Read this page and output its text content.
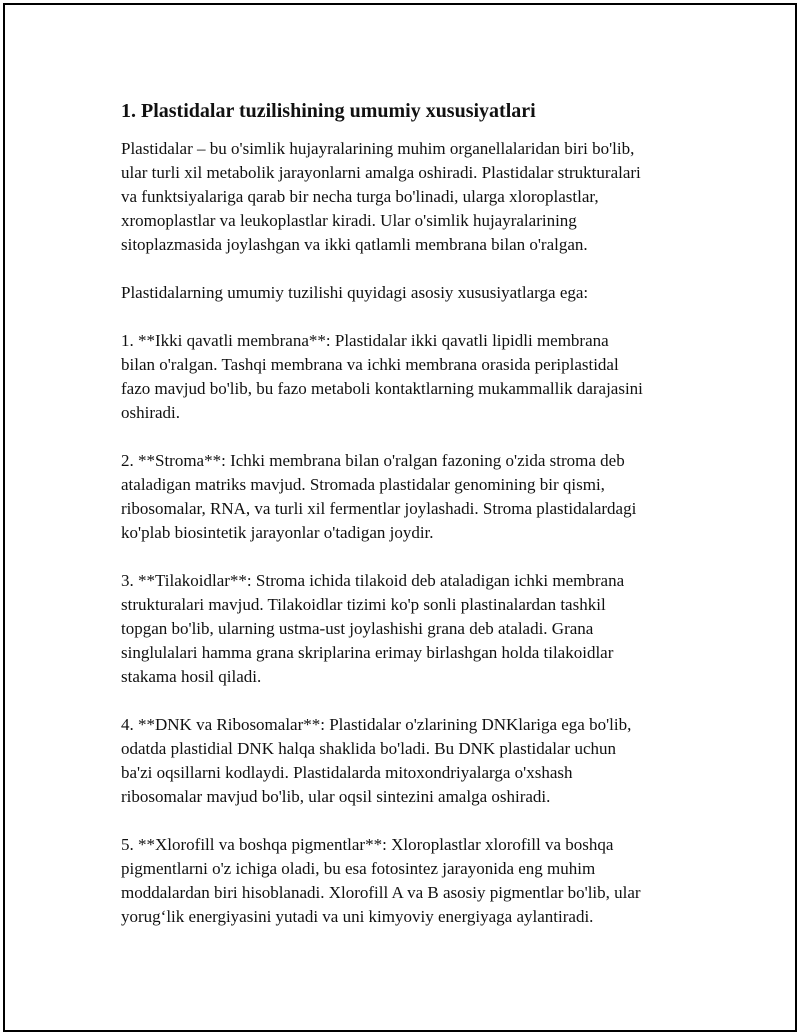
1. Plastidalar tuzilishining umumiy xususiyatlari

Plastidalar – bu o'simlik hujayralarining muhim organellalaridan biri bo'lib,
ular turli xil metabolik jarayonlarni amalga oshiradi. Plastidalar strukturalari
va funktsiyalariga qarab bir necha turga bo'linadi, ularga xloroplastlar,
xromoplastlar va leukoplastlar kiradi. Ular o'simlik hujayralarining
sitoplazmasida joylashgan va ikki qatlamli membrana bilan o'ralgan.

Plastidalarning umumiy tuzilishi quyidagi asosiy xususiyatlarga ega:

1. **Ikki qavatli membrana**: Plastidalar ikki qavatli lipidli membrana
bilan o'ralgan. Tashqi membrana va ichki membrana orasida periplastidal
fazo mavjud bo'lib, bu fazo metaboli kontaktlarning mukammallik darajasini
oshiradi.

2. **Stroma**: Ichki membrana bilan o'ralgan fazoning o'zida stroma deb
ataladigan matriks mavjud. Stromada plastidalar genomining bir qismi,
ribosomalar, RNA, va turli xil fermentlar joylashadi. Stroma plastidalardagi
ko'plab biosintetik jarayonlar o'tadigan joydir.

3. **Tilakoidlar**: Stroma ichida tilakoid deb ataladigan ichki membrana
strukturalari mavjud. Tilakoidlar tizimi ko'p sonli plastinalardan tashkil
topgan bo'lib, ularning ustma-ust joylashishi grana deb ataladi. Grana
singlulalari hamma grana skriplarina erimay birlashgan holda tilakoidlar
stakama hosil qiladi.

4. **DNK va Ribosomalar**: Plastidalar o'zlarining DNKlariga ega bo'lib,
odatda plastidial DNK halqa shaklida bo'ladi. Bu DNK plastidalar uchun
ba'zi oqsillarni kodlaydi. Plastidalarda mitoxondriyalarga o'xshash
ribosomalar mavjud bo'lib, ular oqsil sintezini amalga oshiradi.

5. **Xlorofill va boshqa pigmentlar**: Xloroplastlar xlorofill va boshqa
pigmentlarni o'z ichiga oladi, bu esa fotosintez jarayonida eng muhim
moddalardan biri hisoblanadi. Xlorofill A va B asosiy pigmentlar bo'lib, ular
yorug‘lik energiyasini yutadi va uni kimyoviy energiyaga aylantiradi.
